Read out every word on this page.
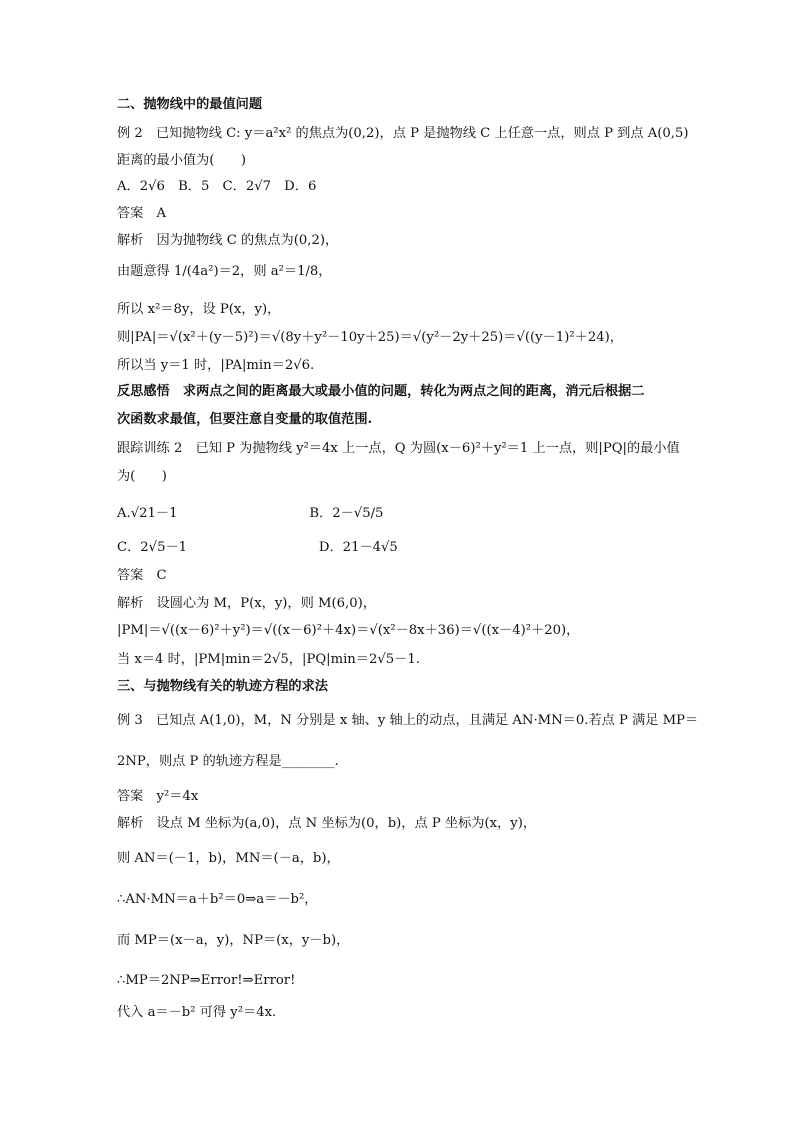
二、抛物线中的最值问题
例 2　已知抛物线 C: y＝a²x² 的焦点为(0,2)，点 P 是抛物线 C 上任意一点，则点 P 到点 A(0,5)
距离的最小值为(　　)
A．2√6　B．5　C．2√7　D．6
答案　A
解析　因为抛物线 C 的焦点为(0,2)，
由题意得 1/(4a²)＝2，则 a²＝1/8，
所以 x²＝8y，设 P(x，y)，
则|PA|＝√(x²＋(y－5)²)＝√(8y＋y²－10y＋25)＝√(y²－2y＋25)＝√((y－1)²＋24)，
所以当 y＝1 时，|PA|min＝2√6.
反思感悟　求两点之间的距离最大或最小值的问题，转化为两点之间的距离，消元后根据二
次函数求最值，但要注意自变量的取值范围.
跟踪训练 2　已知 P 为抛物线 y²＝4x 上一点，Q 为圆(x－6)²＋y²＝1 上一点，则|PQ|的最小值
为(　　)
A.√21－1　　　　　　　　　　B．2－√5/5
C．2√5－1　　　　　　　　　　D．21－4√5
答案　C
解析　设圆心为 M，P(x，y)，则 M(6,0)，
|PM|＝√((x－6)²＋y²)＝√((x－6)²＋4x)＝√(x²－8x＋36)＝√((x－4)²＋20)，
当 x＝4 时，|PM|min＝2√5，|PQ|min＝2√5－1.
三、与抛物线有关的轨迹方程的求法
例 3　已知点 A(1,0)，M，N 分别是 x 轴、y 轴上的动点，且满足 AN·MN＝0.若点 P 满足 MP＝
2NP，则点 P 的轨迹方程是________.
答案　y²＝4x
解析　设点 M 坐标为(a,0)，点 N 坐标为(0，b)，点 P 坐标为(x，y)，
则 AN＝(－1，b)，MN＝(－a，b)，
∴AN·MN＝a＋b²＝0⇒a＝－b²，
而 MP＝(x－a，y)，NP＝(x，y－b)，
∴MP＝2NP⇒Error!⇒Error!
代入 a＝－b² 可得 y²＝4x.
